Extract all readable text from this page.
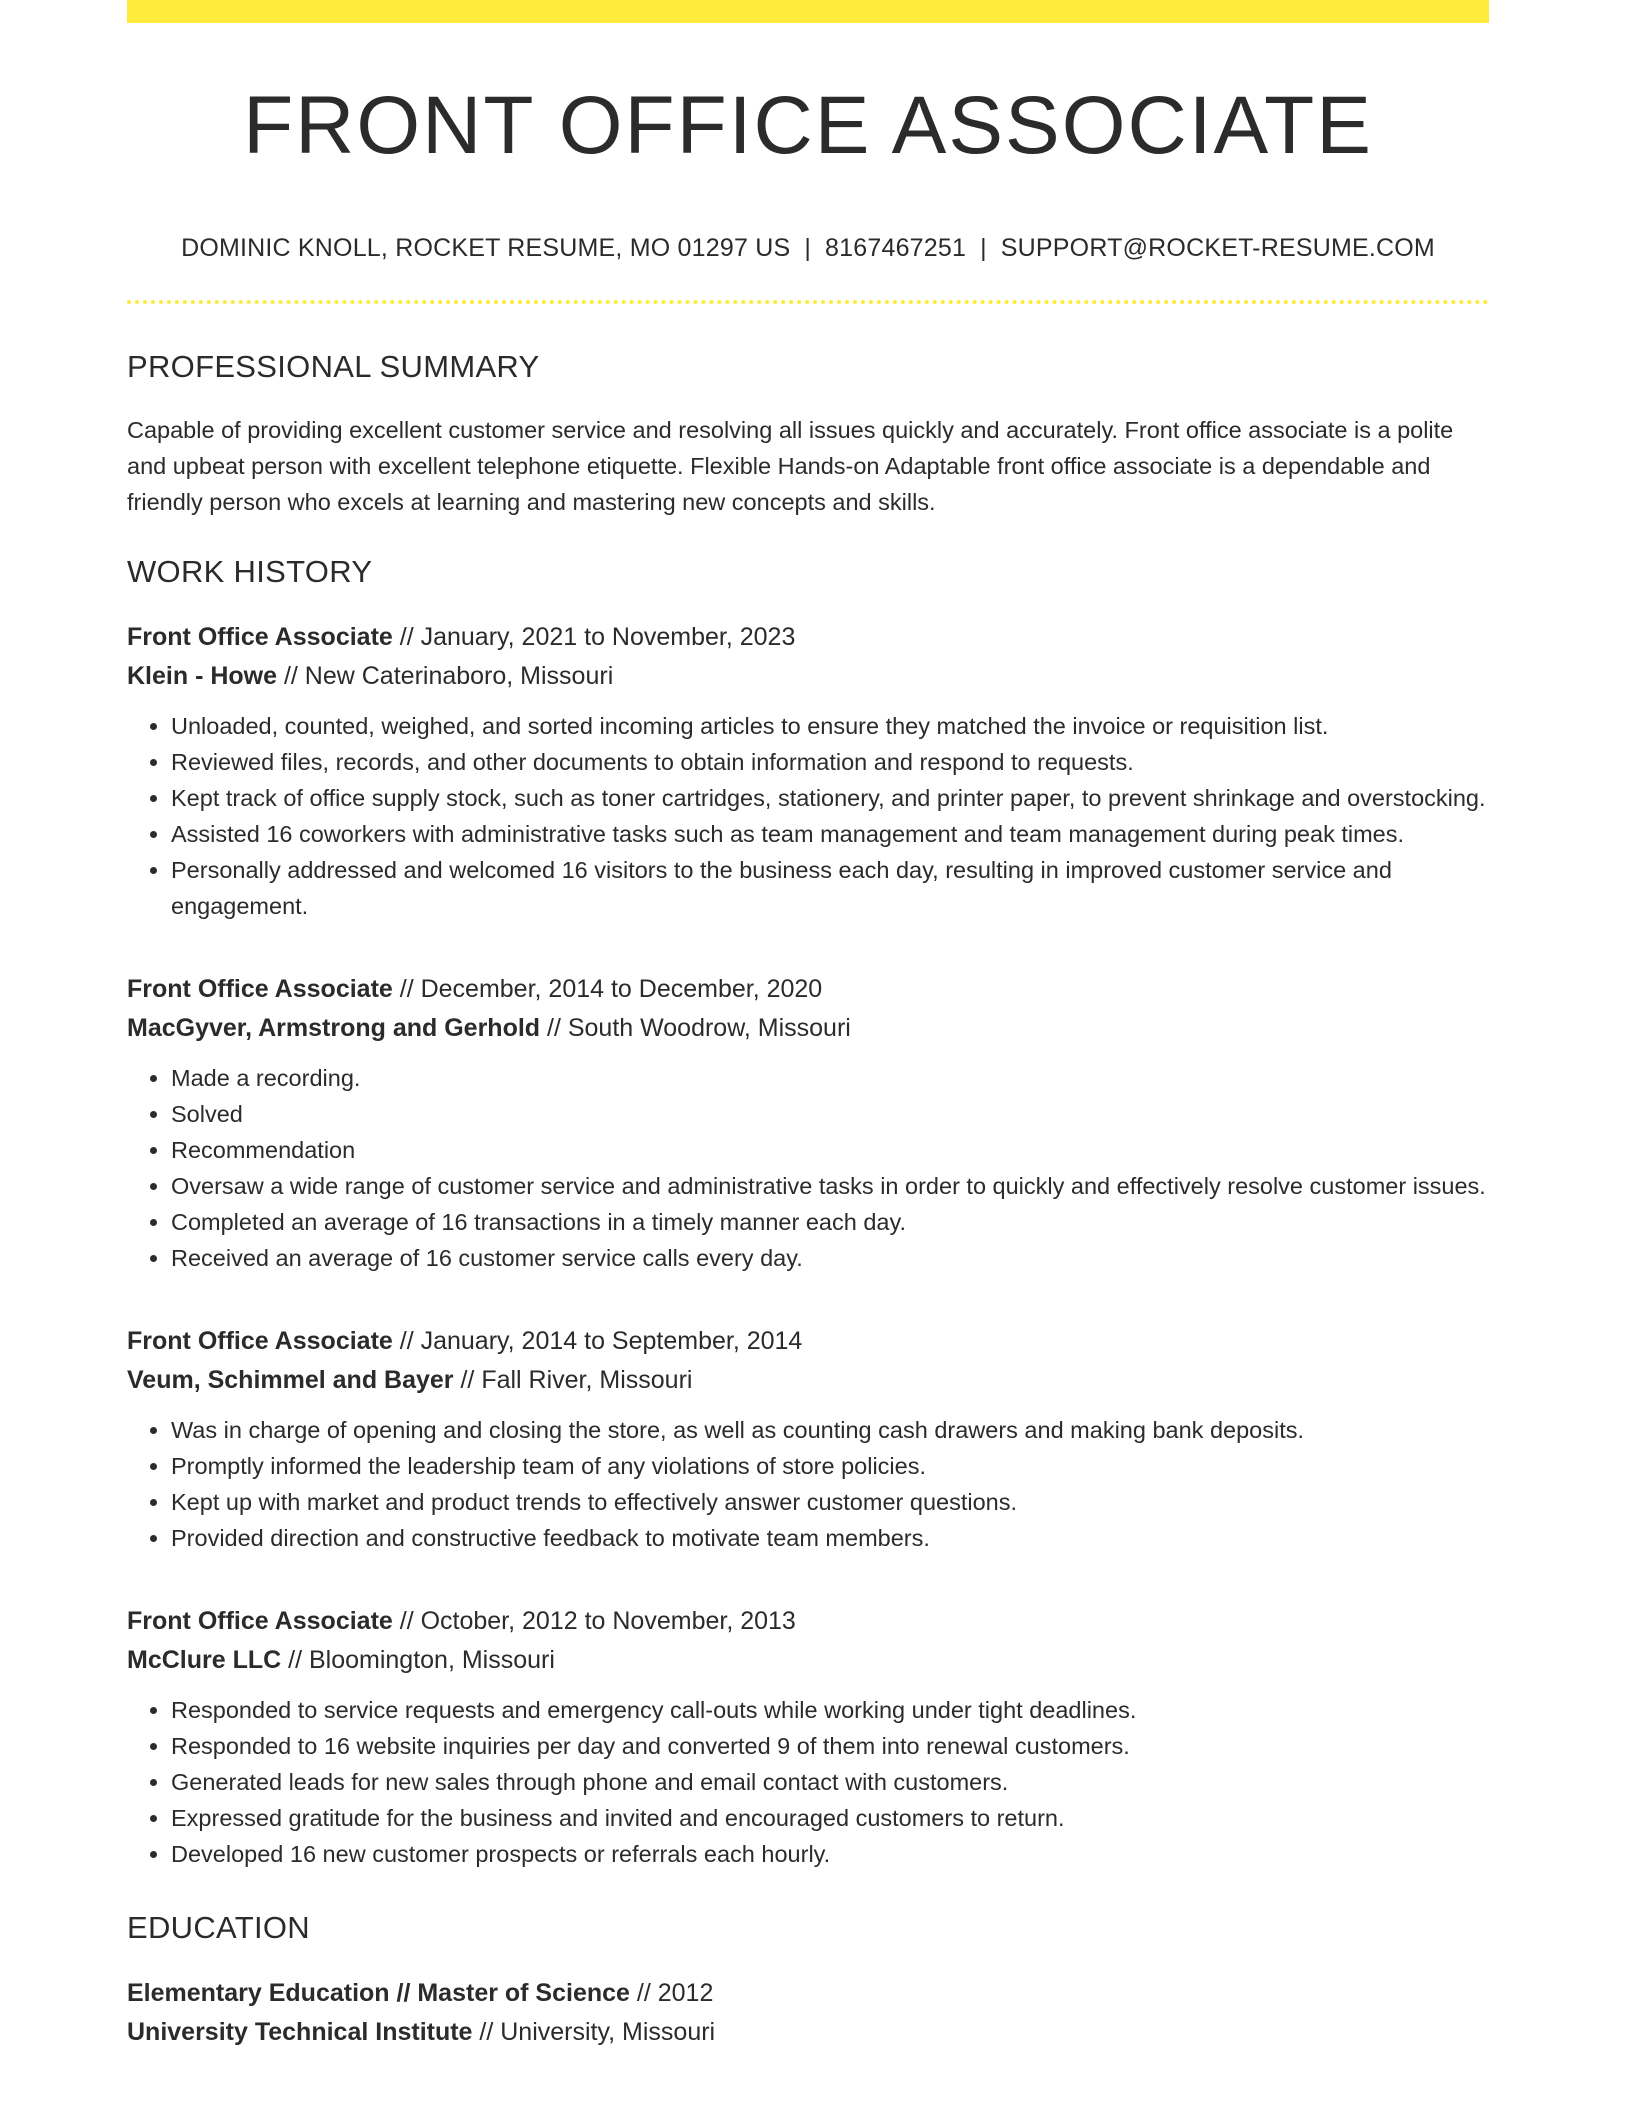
FRONT OFFICE ASSOCIATE
DOMINIC KNOLL, ROCKET RESUME, MO 01297 US | 8167467251 | SUPPORT@ROCKET-RESUME.COM
PROFESSIONAL SUMMARY
Capable of providing excellent customer service and resolving all issues quickly and accurately. Front office associate is a polite and upbeat person with excellent telephone etiquette. Flexible Hands-on Adaptable front office associate is a dependable and friendly person who excels at learning and mastering new concepts and skills.
WORK HISTORY
Front Office Associate // January, 2021 to November, 2023
Klein - Howe // New Caterinaboro, Missouri
• Unloaded, counted, weighed, and sorted incoming articles to ensure they matched the invoice or requisition list.
• Reviewed files, records, and other documents to obtain information and respond to requests.
• Kept track of office supply stock, such as toner cartridges, stationery, and printer paper, to prevent shrinkage and overstocking.
• Assisted 16 coworkers with administrative tasks such as team management and team management during peak times.
• Personally addressed and welcomed 16 visitors to the business each day, resulting in improved customer service and engagement.
Front Office Associate // December, 2014 to December, 2020
MacGyver, Armstrong and Gerhold // South Woodrow, Missouri
• Made a recording.
• Solved
• Recommendation
• Oversaw a wide range of customer service and administrative tasks in order to quickly and effectively resolve customer issues.
• Completed an average of 16 transactions in a timely manner each day.
• Received an average of 16 customer service calls every day.
Front Office Associate // January, 2014 to September, 2014
Veum, Schimmel and Bayer // Fall River, Missouri
• Was in charge of opening and closing the store, as well as counting cash drawers and making bank deposits.
• Promptly informed the leadership team of any violations of store policies.
• Kept up with market and product trends to effectively answer customer questions.
• Provided direction and constructive feedback to motivate team members.
Front Office Associate // October, 2012 to November, 2013
McClure LLC // Bloomington, Missouri
• Responded to service requests and emergency call-outs while working under tight deadlines.
• Responded to 16 website inquiries per day and converted 9 of them into renewal customers.
• Generated leads for new sales through phone and email contact with customers.
• Expressed gratitude for the business and invited and encouraged customers to return.
• Developed 16 new customer prospects or referrals each hourly.
EDUCATION
Elementary Education // Master of Science // 2012
University Technical Institute // University, Missouri
